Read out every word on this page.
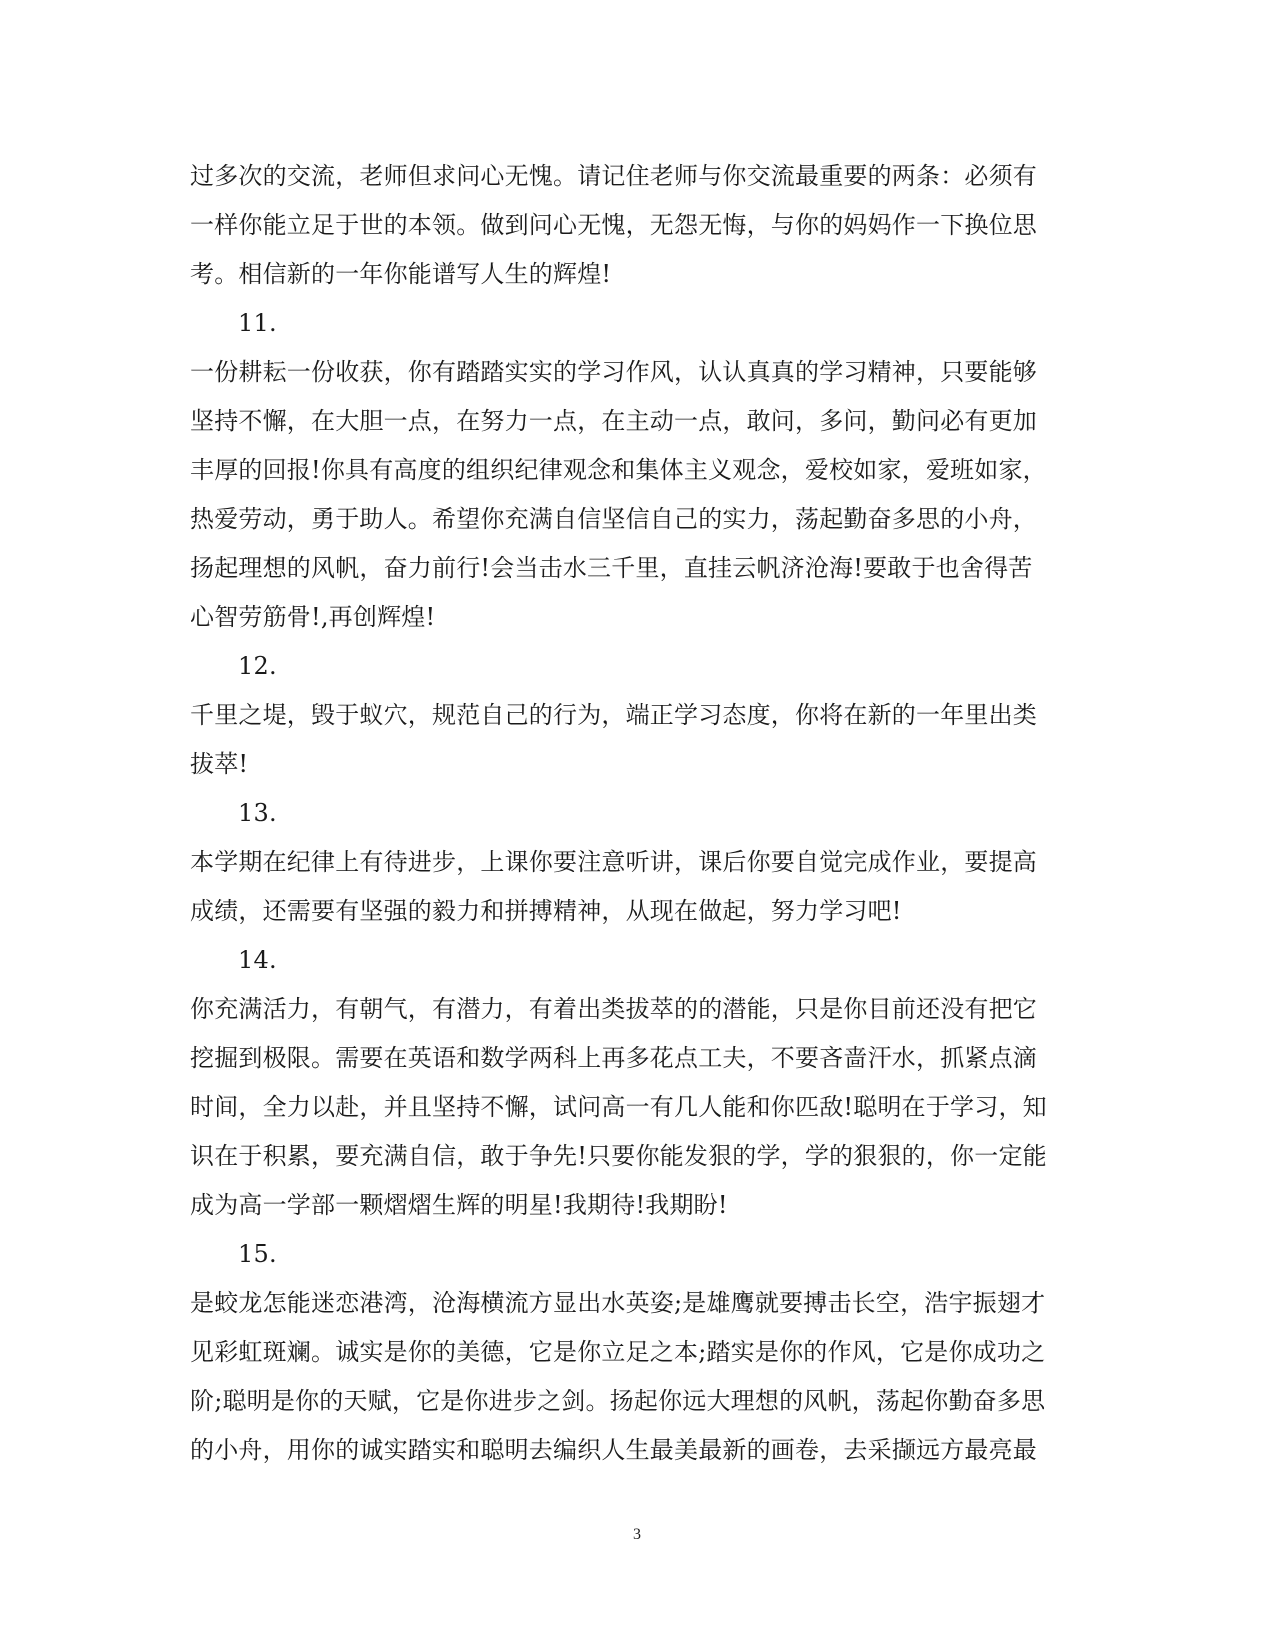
过多次的交流，老师但求问心无愧。请记住老师与你交流最重要的两条：必须有
一样你能立足于世的本领。做到问心无愧，无怨无悔，与你的妈妈作一下换位思
考。相信新的一年你能谱写人生的辉煌!
11.
一份耕耘一份收获，你有踏踏实实的学习作风，认认真真的学习精神，只要能够
坚持不懈，在大胆一点，在努力一点，在主动一点，敢问，多问，勤问必有更加
丰厚的回报!你具有高度的组织纪律观念和集体主义观念，爱校如家，爱班如家，
热爱劳动，勇于助人。希望你充满自信坚信自己的实力，荡起勤奋多思的小舟，
扬起理想的风帆，奋力前行!会当击水三千里，直挂云帆济沧海!要敢于也舍得苦
心智劳筋骨!,再创辉煌!
12.
千里之堤，毁于蚁穴，规范自己的行为，端正学习态度，你将在新的一年里出类
拔萃!
13.
本学期在纪律上有待进步，上课你要注意听讲，课后你要自觉完成作业，要提高
成绩，还需要有坚强的毅力和拼搏精神，从现在做起，努力学习吧!
14.
你充满活力，有朝气，有潜力，有着出类拔萃的的潜能，只是你目前还没有把它
挖掘到极限。需要在英语和数学两科上再多花点工夫，不要吝啬汗水，抓紧点滴
时间，全力以赴，并且坚持不懈，试问高一有几人能和你匹敌!聪明在于学习，知
识在于积累，要充满自信，敢于争先!只要你能发狠的学，学的狠狠的，你一定能
成为高一学部一颗熠熠生辉的明星!我期待!我期盼!
15.
是蛟龙怎能迷恋港湾，沧海横流方显出水英姿;是雄鹰就要搏击长空，浩宇振翅才
见彩虹斑斓。诚实是你的美德，它是你立足之本;踏实是你的作风，它是你成功之
阶;聪明是你的天赋，它是你进步之剑。扬起你远大理想的风帆，荡起你勤奋多思
的小舟，用你的诚实踏实和聪明去编织人生最美最新的画卷，去采撷远方最亮最
3
